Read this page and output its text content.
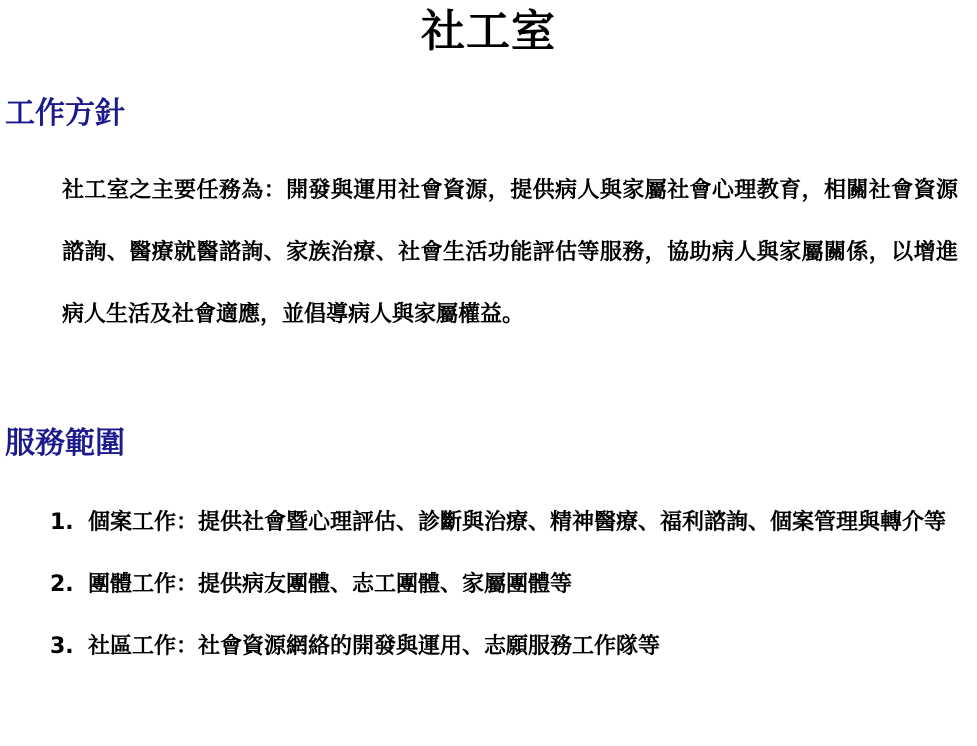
社工室
工作方針

社工室之主要任務為：開發與運用社會資源，提供病人與家屬社會心理教育，相關社會資源諮詢、醫療就醫諮詢、家族治療、社會生活功能評估等服務，協助病人與家屬關係，以增進病人生活及社會適應，並倡導病人與家屬權益。

服務範圍
1. 個案工作：提供社會暨心理評估、診斷與治療、精神醫療、福利諮詢、個案管理與轉介等
2. 團體工作：提供病友團體、志工團體、家屬團體等
3. 社區工作：社會資源網絡的開發與運用、志願服務工作隊等
